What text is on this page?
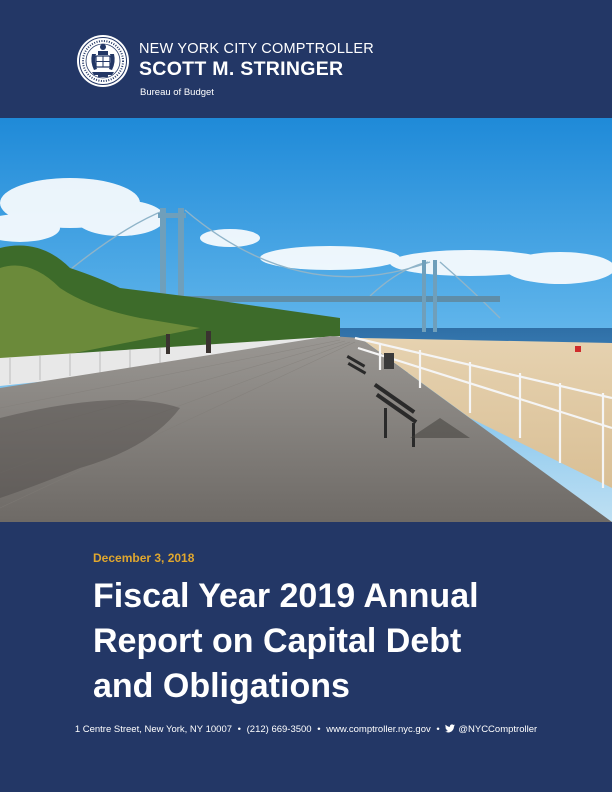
NEW YORK CITY COMPTROLLER
SCOTT M. STRINGER
Bureau of Budget
December 3, 2018
Fiscal Year 2019 Annual
Report on Capital Debt
and Obligations
1 Centre Street, New York, NY 10007 • (212) 669-3500 • www.comptroller.nyc.gov • @NYCComptroller
